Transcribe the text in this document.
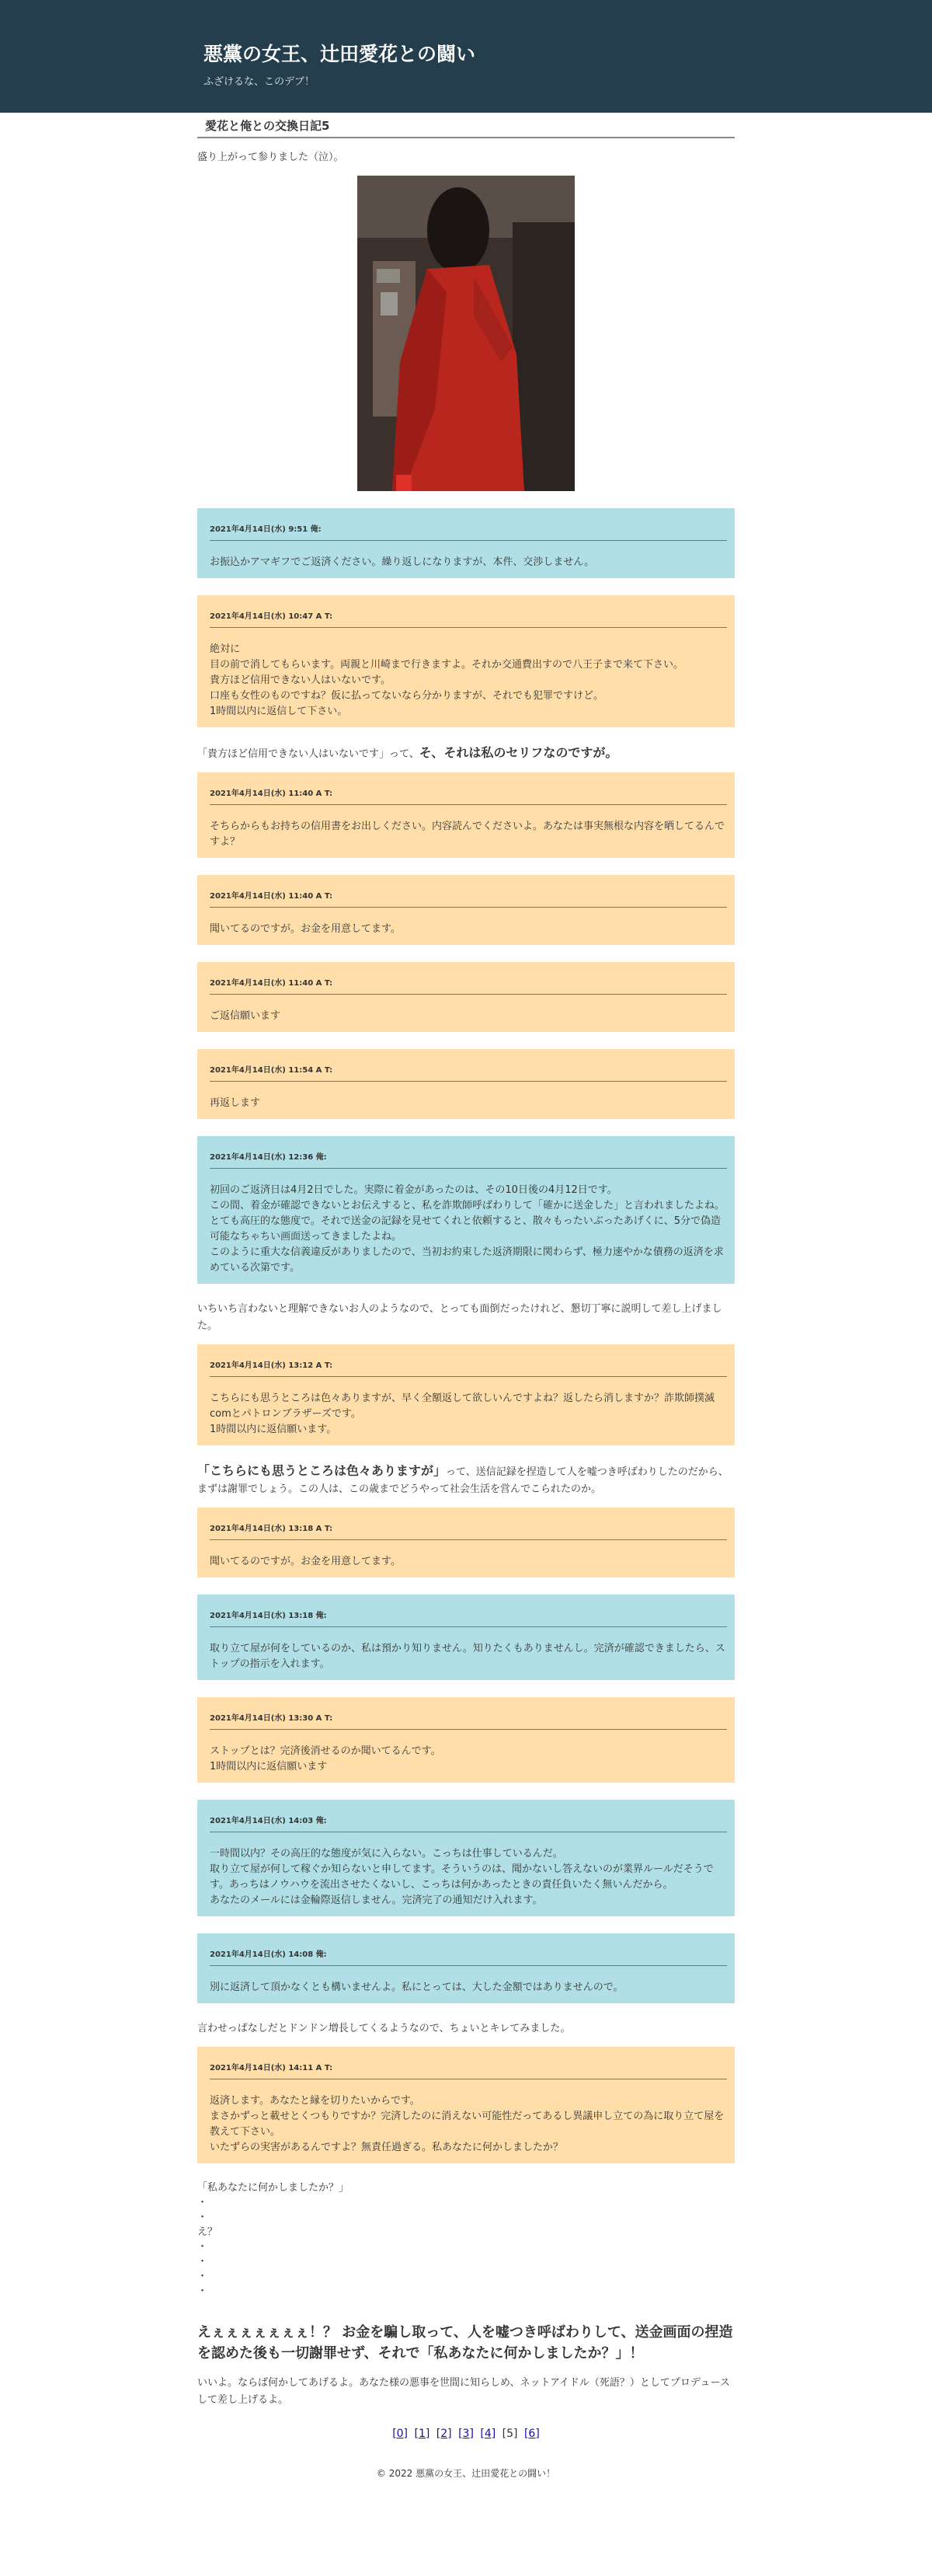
悪黨の女王、辻田愛花との闘い
ふざけるな、このデブ！
愛花と俺との交換日記5

盛り上がって参りました（泣）。

2021年4月14日(水) 9:51 俺:
お振込かアマギフでご返済ください。繰り返しになりますが、本件、交渉しません。
2021年4月14日(水) 10:47 A T:
絶対に
目の前で消してもらいます。両親と川崎まで行きますよ。それか交通費出すので八王子まで来て下さい。
貴方ほど信用できない人はいないです。
口座も女性のものですね？仮に払ってないなら分かりますが、それでも犯罪ですけど。
1時間以内に返信して下さい。

「貴方ほど信用できない人はいないです」って、そ、それは私のセリフなのですが。

2021年4月14日(水) 11:40 A T:
そちらからもお持ちの信用書をお出しください。内容読んでくださいよ。あなたは事実無根な内容を晒してるんですよ？
2021年4月14日(水) 11:40 A T:
聞いてるのですが。お金を用意してます。
2021年4月14日(水) 11:40 A T:
ご返信願います
2021年4月14日(水) 11:54 A T:
再返します
2021年4月14日(水) 12:36 俺:
初回のご返済日は4月2日でした。実際に着金があったのは、その10日後の4月12日です。
この間、着金が確認できないとお伝えすると、私を詐欺師呼ばわりして「確かに送金した」と言われましたよね。とても高圧的な態度で。それで送金の記録を見せてくれと依頼すると、散々もったいぶったあげくに、5分で偽造可能なちゃちい画面送ってきましたよね。
このように重大な信義違反がありましたので、当初お約束した返済期限に関わらず、極力速やかな債務の返済を求めている次第です。

いちいち言わないと理解できないお人のようなので、とっても面倒だったけれど、懇切丁寧に説明して差し上げました。

2021年4月14日(水) 13:12 A T:
こちらにも思うところは色々ありますが、早く全額返して欲しいんですよね？返したら消しますか？詐欺師撲滅comとパトロンブラザーズです。
1時間以内に返信願います。

「こちらにも思うところは色々ありますが」って、送信記録を捏造して人を嘘つき呼ばわりしたのだから、まずは謝罪でしょう。この人は、この歳までどうやって社会生活を営んでこられたのか。

2021年4月14日(水) 13:18 A T:
聞いてるのですが。お金を用意してます。
2021年4月14日(水) 13:18 俺:
取り立て屋が何をしているのか、私は預かり知りません。知りたくもありませんし。完済が確認できましたら、ストップの指示を入れます。
2021年4月14日(水) 13:30 A T:
ストップとは？完済後消せるのか聞いてるんです。
1時間以内に返信願います
2021年4月14日(水) 14:03 俺:
一時間以内？その高圧的な態度が気に入らない。こっちは仕事しているんだ。
取り立て屋が何して稼ぐか知らないと申してます。そういうのは、聞かないし答えないのが業界ルールだそうです。あっちはノウハウを流出させたくないし、こっちは何かあったときの責任負いたく無いんだから。
あなたのメールには金輪際返信しません。完済完了の通知だけ入れます。
2021年4月14日(水) 14:08 俺:
別に返済して頂かなくとも構いませんよ。私にとっては、大した金額ではありませんので。

言わせっぱなしだとドンドン増長してくるようなので、ちょいとキレてみました。

2021年4月14日(水) 14:11 A T:
返済します。あなたと縁を切りたいからです。
まさかずっと載せとくつもりですか？完済したのに消えない可能性だってあるし異議申し立ての為に取り立て屋を教えて下さい。
いたずらの実害があるんですよ？無責任過ぎる。私あなたに何かしましたか？
「私あなたに何かしましたか？」
・
・
え？
・
・
・
・
えぇぇぇぇぇぇぇ！？ お金を騙し取って、人を嘘つき呼ばわりして、送金画面の捏造を認めた後も一切謝罪せず、それで「私あなたに何かしましたか？」！

いいよ。ならば何かしてあげるよ。あなた様の悪事を世間に知らしめ、ネットアイドル（死語？）としてプロデュースして差し上げるよ。

[0] [1] [2] [3] [4] [5] [6]
© 2022 悪黨の女王、辻田愛花との闘い！
